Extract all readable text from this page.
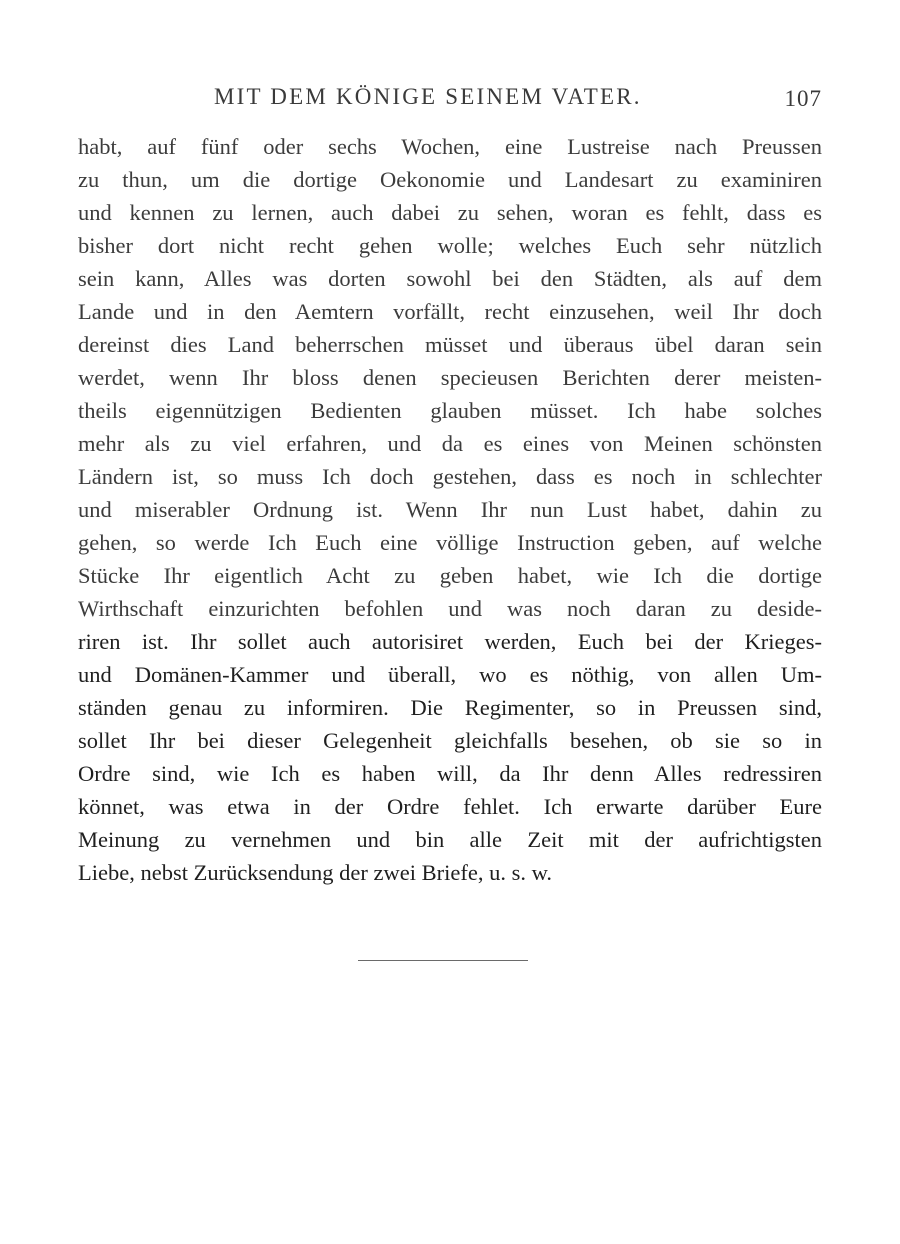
MIT DEM KÖNIGE SEINEM VATER.	107
habt, auf fünf oder sechs Wochen, eine Lustreise nach Preussen
zu thun, um die dortige Oekonomie und Landesart zu examiniren
und kennen zu lernen, auch dabei zu sehen, woran es fehlt, dass es
bisher dort nicht recht gehen wolle; welches Euch sehr nützlich
sein kann, Alles was dorten sowohl bei den Städten, als auf dem
Lande und in den Aemtern vorfällt, recht einzusehen, weil Ihr doch
dereinst dies Land beherrschen müsset und überaus übel daran sein
werdet, wenn Ihr bloss denen specieusen Berichten derer meisten-
theils eigennützigen Bedienten glauben müsset. Ich habe solches
mehr als zu viel erfahren, und da es eines von Meinen schönsten
Ländern ist, so muss Ich doch gestehen, dass es noch in schlechter
und miserabler Ordnung ist. Wenn Ihr nun Lust habet, dahin zu
gehen, so werde Ich Euch eine völlige Instruction geben, auf welche
Stücke Ihr eigentlich Acht zu geben habet, wie Ich die dortige
Wirthschaft einzurichten befohlen und was noch daran zu deside-
riren ist. Ihr sollet auch autorisiret werden, Euch bei der Krieges-
und Domänen-Kammer und überall, wo es nöthig, von allen Um-
ständen genau zu informiren. Die Regimenter, so in Preussen sind,
sollet Ihr bei dieser Gelegenheit gleichfalls besehen, ob sie so in
Ordre sind, wie Ich es haben will, da Ihr denn Alles redressiren
könnet, was etwa in der Ordre fehlet. Ich erwarte darüber Eure
Meinung zu vernehmen und bin alle Zeit mit der aufrichtigsten
Liebe, nebst Zurücksendung der zwei Briefe, u. s. w.
